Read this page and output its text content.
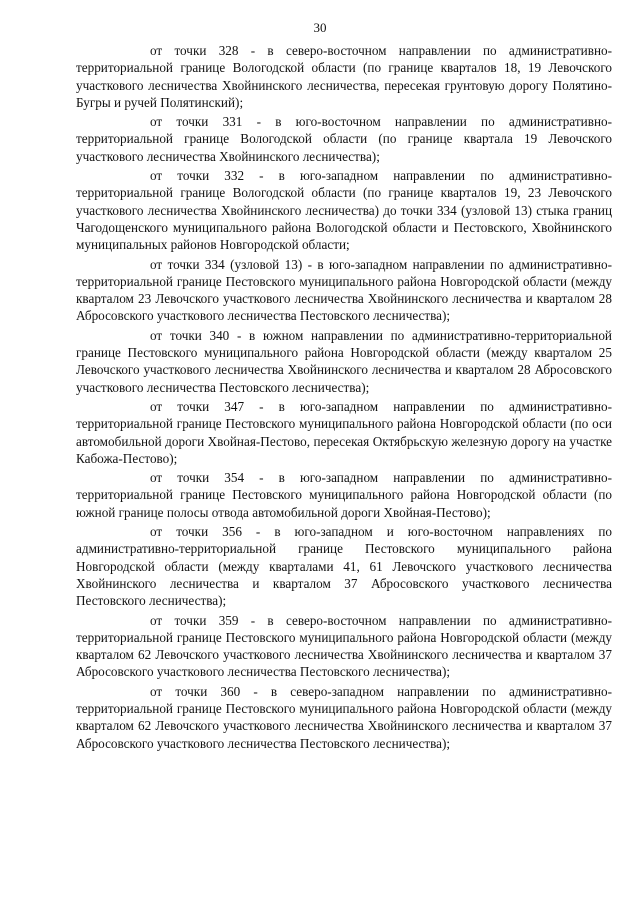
30

от точки 328 - в северо-восточном направлении по административно-территориальной границе Вологодской области (по границе кварталов 18, 19 Левочского участкового лесничества Хвойнинского лесничества, пересекая грунтовую дорогу Полятино-Бугры и ручей Полятинский);

от точки 331 - в юго-восточном направлении по административно-территориальной границе Вологодской области (по границе квартала 19 Левочского участкового лесничества Хвойнинского лесничества);

от точки 332 - в юго-западном направлении по административно-территориальной границе Вологодской области (по границе кварталов 19, 23 Левочского участкового лесничества Хвойнинского лесничества) до точки 334 (узловой 13) стыка границ Чагодощенского муниципального района Вологодской области и Пестовского, Хвойнинского муниципальных районов Новгородской области;

от точки 334 (узловой 13) - в юго-западном направлении по административно-территориальной границе Пестовского муниципального района Новгородской области (между кварталом 23 Левочского участкового лесничества Хвойнинского лесничества и кварталом 28 Абросовского участкового лесничества Пестовского лесничества);

от точки 340 - в южном направлении по административно-территориальной границе Пестовского муниципального района Новгородской области (между кварталом 25 Левочского участкового лесничества Хвойнинского лесничества и кварталом 28 Абросовского участкового лесничества Пестовского лесничества);

от точки 347 - в юго-западном направлении по административно-территориальной границе Пестовского муниципального района Новгородской области (по оси автомобильной дороги Хвойная-Пестово, пересекая Октябрьскую железную дорогу на участке Кабожа-Пестово);

от точки 354 - в юго-западном направлении по административно-территориальной границе Пестовского муниципального района Новгородской области (по южной границе полосы отвода автомобильной дороги Хвойная-Пестово);

от точки 356 - в юго-западном и юго-восточном направлениях по административно-территориальной границе Пестовского муниципального района Новгородской области (между кварталами 41, 61 Левочского участкового лесничества Хвойнинского лесничества и кварталом 37 Абросовского участкового лесничества Пестовского лесничества);

от точки 359 - в северо-восточном направлении по административно-территориальной границе Пестовского муниципального района Новгородской области (между кварталом 62 Левочского участкового лесничества Хвойнинского лесничества и кварталом 37 Абросовского участкового лесничества Пестовского лесничества);

от точки 360 - в северо-западном направлении по административно-территориальной границе Пестовского муниципального района Новгородской области (между кварталом 62 Левочского участкового лесничества Хвойнинского лесничества и кварталом 37 Абросовского участкового лесничества Пестовского лесничества);
